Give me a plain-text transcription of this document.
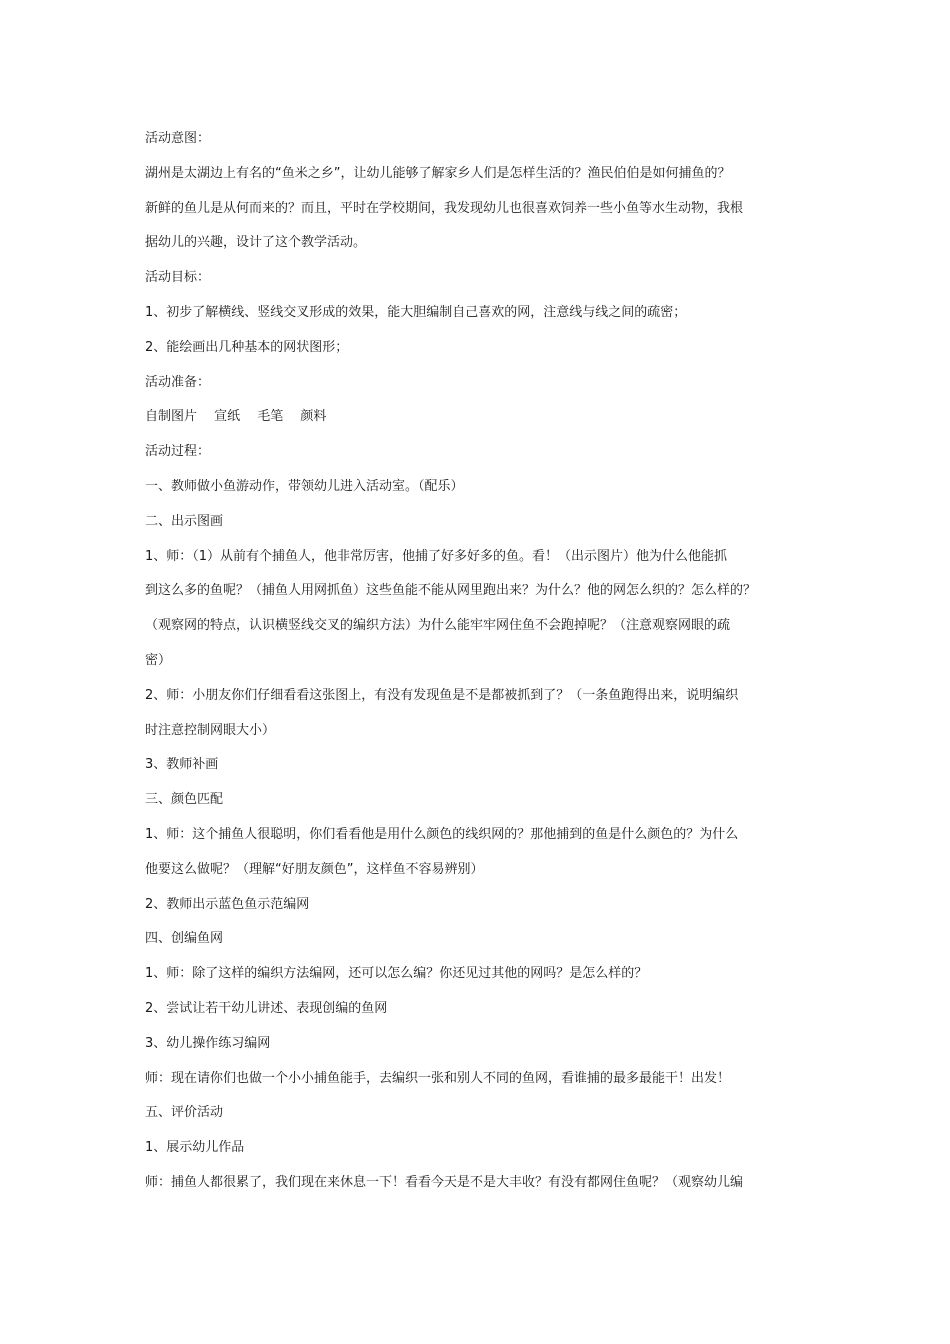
活动意图：
湖州是太湖边上有名的“鱼米之乡”，让幼儿能够了解家乡人们是怎样生活的？渔民伯伯是如何捕鱼的？
新鲜的鱼儿是从何而来的？而且，平时在学校期间，我发现幼儿也很喜欢饲养一些小鱼等水生动物，我根
据幼儿的兴趣，设计了这个教学活动。
活动目标：
1、初步了解横线、竖线交叉形成的效果，能大胆编制自己喜欢的网，注意线与线之间的疏密；
2、能绘画出几种基本的网状图形；
活动准备：
自制图片　 宣纸　 毛笔　 颜料
活动过程：
一、教师做小鱼游动作，带领幼儿进入活动室。（配乐）
二、出示图画
1、师：（1）从前有个捕鱼人，他非常厉害，他捕了好多好多的鱼。看！（出示图片）他为什么他能抓
到这么多的鱼呢？（捕鱼人用网抓鱼）这些鱼能不能从网里跑出来？为什么？他的网怎么织的？怎么样的？
（观察网的特点，认识横竖线交叉的编织方法）为什么能牢牢网住鱼不会跑掉呢？（注意观察网眼的疏
密）
2、师：小朋友你们仔细看看这张图上，有没有发现鱼是不是都被抓到了？（一条鱼跑得出来，说明编织
时注意控制网眼大小）
3、教师补画
三、颜色匹配
1、师：这个捕鱼人很聪明，你们看看他是用什么颜色的线织网的？那他捕到的鱼是什么颜色的？为什么
他要这么做呢？（理解“好朋友颜色”，这样鱼不容易辨别）
2、教师出示蓝色鱼示范编网
四、创编鱼网
1、师：除了这样的编织方法编网，还可以怎么编？你还见过其他的网吗？是怎么样的？
2、尝试让若干幼儿讲述、表现创编的鱼网
3、幼儿操作练习编网
师：现在请你们也做一个小小捕鱼能手，去编织一张和别人不同的鱼网，看谁捕的最多最能干！出发！
五、评价活动
1、展示幼儿作品
师：捕鱼人都很累了，我们现在来休息一下！看看今天是不是大丰收？有没有都网住鱼呢？（观察幼儿编
